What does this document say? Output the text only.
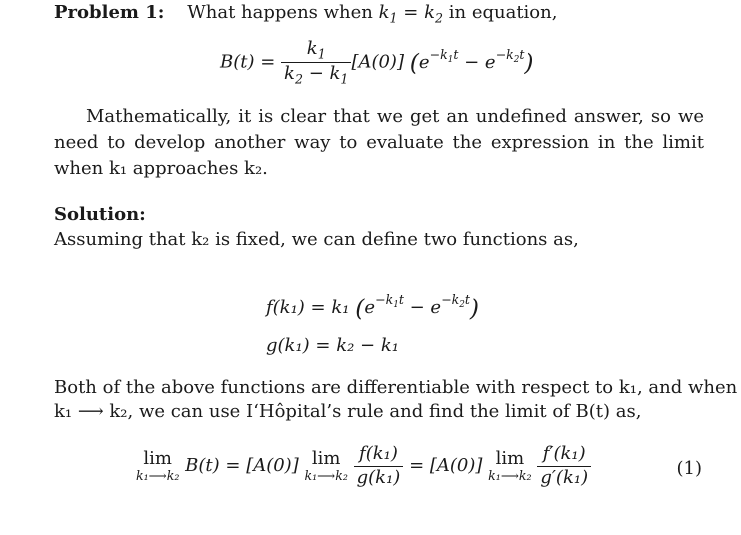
Problem 1: What happens when $k_1 = k_2$ in equation,
$B(t) = \frac{k_1}{k_2 - k_1} [A(0)] (e^{-k_1t} - e^{-k_2t})$
Mathematically, it is clear that we get an undefined answer, so we need to develop another way to evaluate the expression in the limit when k₁ approaches k₂.
Solution:
Assuming that k₂ is fixed, we can define two functions as,
f(k₁) = k₁ $(e^{-k_1t} - e^{-k_2t})$
g(k₁) = k₂ − k₁
Both of the above functions are differentiable with respect to k₁, and when
k₁ ⟶ k₂, we can use I‘Hôpital’s rule and find the limit of B(t) as,
lim
k₁⟶k₂ B(t) = [A(0)] lim
k₁⟶k₂
$\frac{\text{f(k₁)}}{\text{g(k₁)}} = [A(0)]$ lim
k₁⟶k₂
$\frac{\text{f′(k₁)}}{\text{g′(k₁)}}$	(1)
